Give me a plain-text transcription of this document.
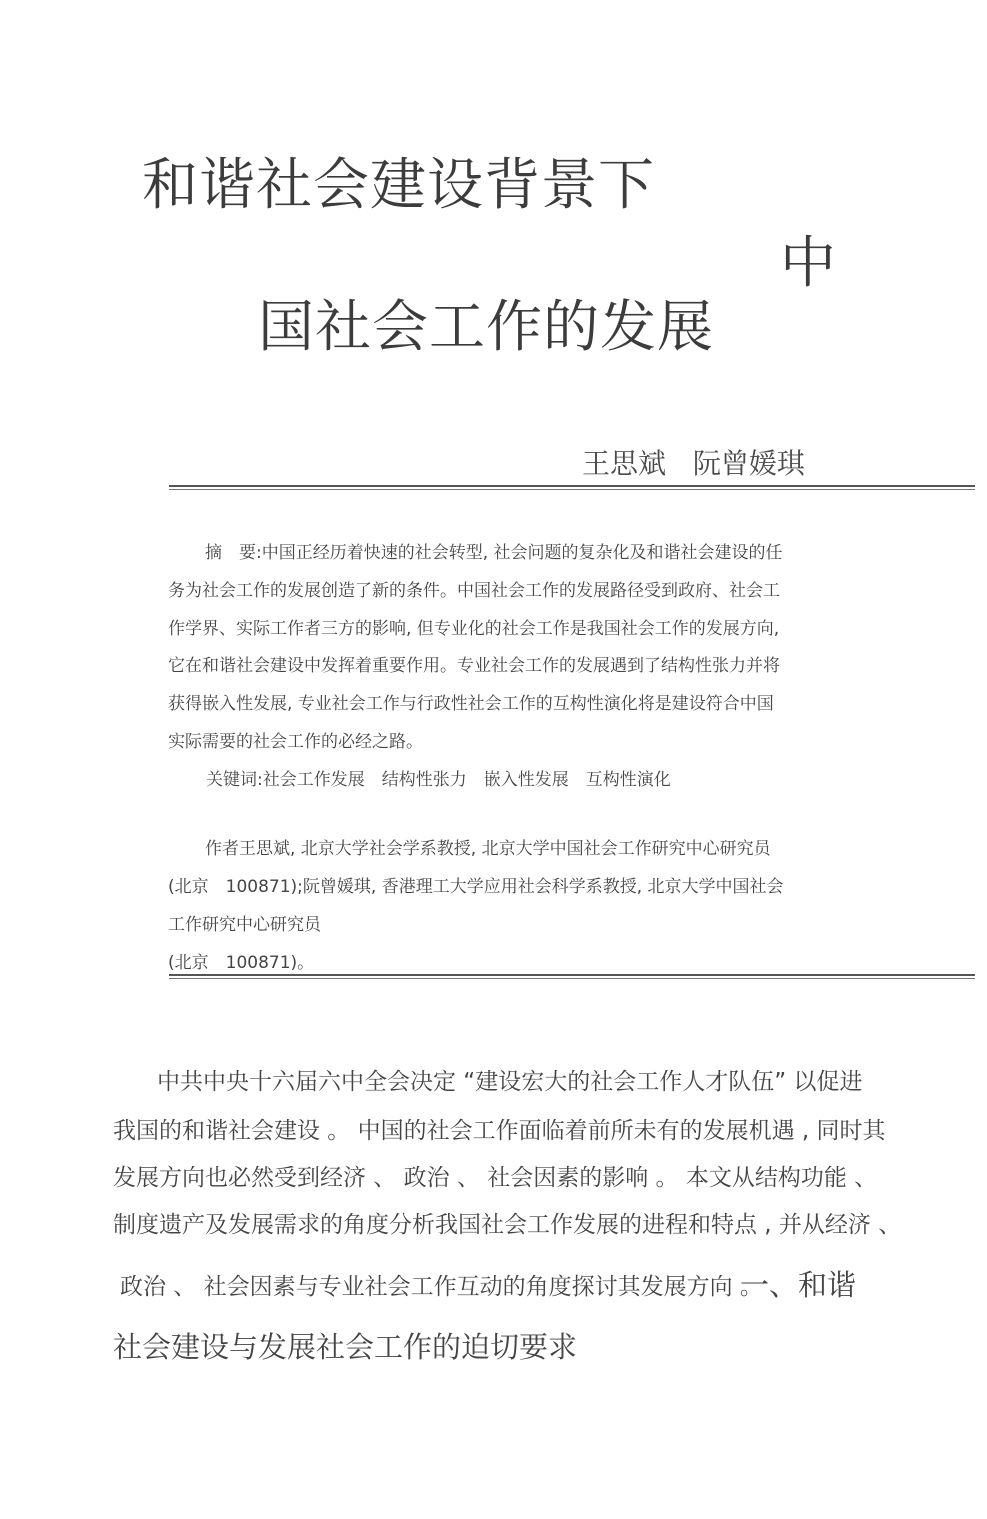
和谐社会建设背景下
中
国社会工作的发展
王思斌 阮曾媛琪
摘　要:中国正经历着快速的社会转型, 社会问题的复杂化及和谐社会建设的任
务为社会工作的发展创造了新的条件。中国社会工作的发展路径受到政府、社会工
作学界、实际工作者三方的影响, 但专业化的社会工作是我国社会工作的发展方向,
它在和谐社会建设中发挥着重要作用。专业社会工作的发展遇到了结构性张力并将
获得嵌入性发展, 专业社会工作与行政性社会工作的互构性演化将是建设符合中国
实际需要的社会工作的必经之路。
关键词:社会工作发展　结构性张力　嵌入性发展　互构性演化
作者王思斌, 北京大学社会学系教授, 北京大学中国社会工作研究中心研究员
(北京　100871);阮曾媛琪, 香港理工大学应用社会科学系教授, 北京大学中国社会
工作研究中心研究员
(北京　100871)。
中共中央十六届六中全会决定 “建设宏大的社会工作人才队伍” 以促进
我国的和谐社会建设 。 中国的社会工作面临着前所未有的发展机遇 , 同时其
发展方向也必然受到经济 、 政治 、 社会因素的影响 。 本文从结构功能 、
制度遗产及发展需求的角度分析我国社会工作发展的进程和特点 , 并从经济 、
政治 、 社会因素与专业社会工作互动的角度探讨其发展方向 。
一、和谐
社会建设与发展社会工作的迫切要求
